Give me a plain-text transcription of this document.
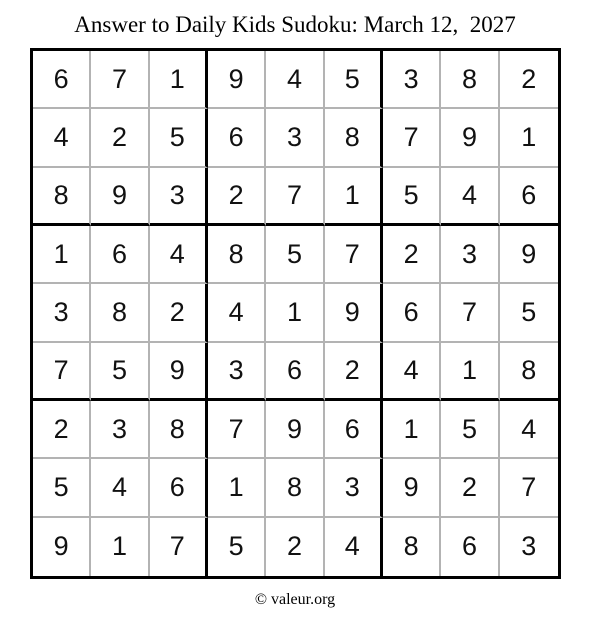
Answer to Daily Kids Sudoku: March 12,  2027
6	7	1	9	4	5	3	8	2
4	2	5	6	3	8	7	9	1
8	9	3	2	7	1	5	4	6
1	6	4	8	5	7	2	3	9
3	8	2	4	1	9	6	7	5
7	5	9	3	6	2	4	1	8
2	3	8	7	9	6	1	5	4
5	4	6	1	8	3	9	2	7
9	1	7	5	2	4	8	6	3
© valeur.org
